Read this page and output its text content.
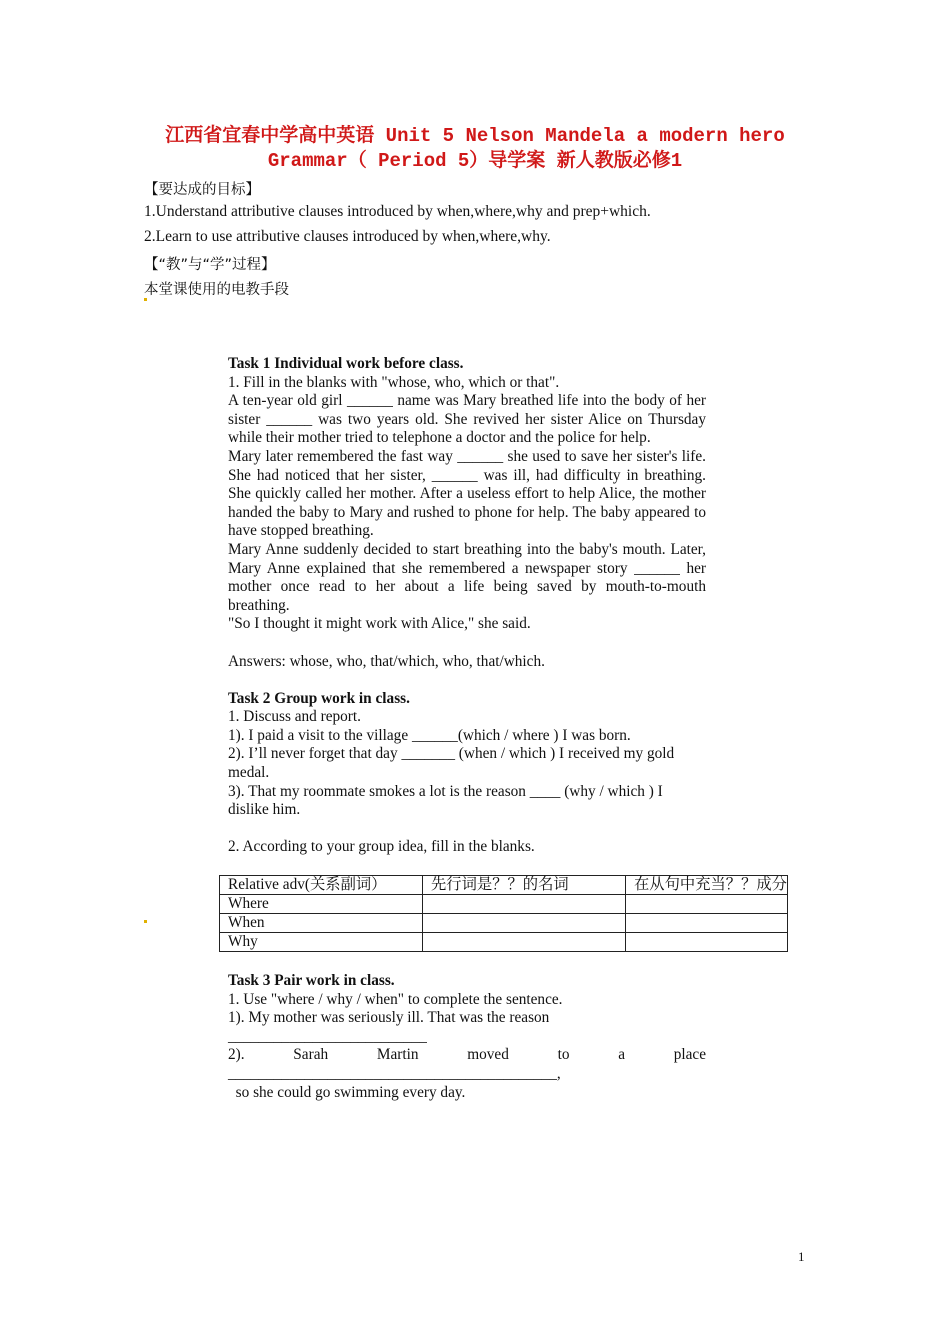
江西省宜春中学高中英语 Unit 5 Nelson Mandela a modern hero
Grammar（ Period 5）导学案 新人教版必修1
【要达成的目标】
1.Understand attributive clauses introduced by when,where,why and prep+which.
2.Learn to use attributive clauses introduced by when,where,why.
【“教”与“学”过程】
本堂课使用的电教手段

Task 1 Individual work before class.

1. Fill in the blanks with "whose, who, which or that".

A ten-year old girl ______ name was Mary breathed life into the body of her sister ______ was two years old. She revived her sister Alice on Thursday while their mother tried to telephone a doctor and the police for help.

Mary later remembered the fast way ______ she used to save her sister's life. She had noticed that her sister, ______ was ill, had difficulty in breathing. She quickly called her mother. After a useless effort to help Alice, the mother handed the baby to Mary and rushed to phone for help. The baby appeared to have stopped breathing.

Mary Anne suddenly decided to start breathing into the baby's mouth. Later, Mary Anne explained that she remembered a newspaper story ______ her mother once read to her about a life being saved by mouth-to-mouth breathing.

"So I thought it might work with Alice," she said.

Answers: whose, who, that/which, who, that/which.

Task 2 Group work in class.

1. Discuss and report.

1). I paid a visit to the village ______(which / where ) I was born.

2). I’ll never forget that day _______ (when / which ) I received my gold medal.

3). That my roommate smokes a lot is the reason ____ (why / which ) I dislike him.

2. According to your group idea, fill in the blanks.

Relative adv(关系副词）	先行词是？？的名词	在从句中充当？？成分
Where		
When		
Why		

Task 3 Pair work in class.

1. Use "where / why / when" to complete the sentence.

1). My mother was seriously ill. That was the reason

__________________________

2).	Sarah	Martin	moved	to	a	place

___________________________________________,

so she could go swimming every day.

1
